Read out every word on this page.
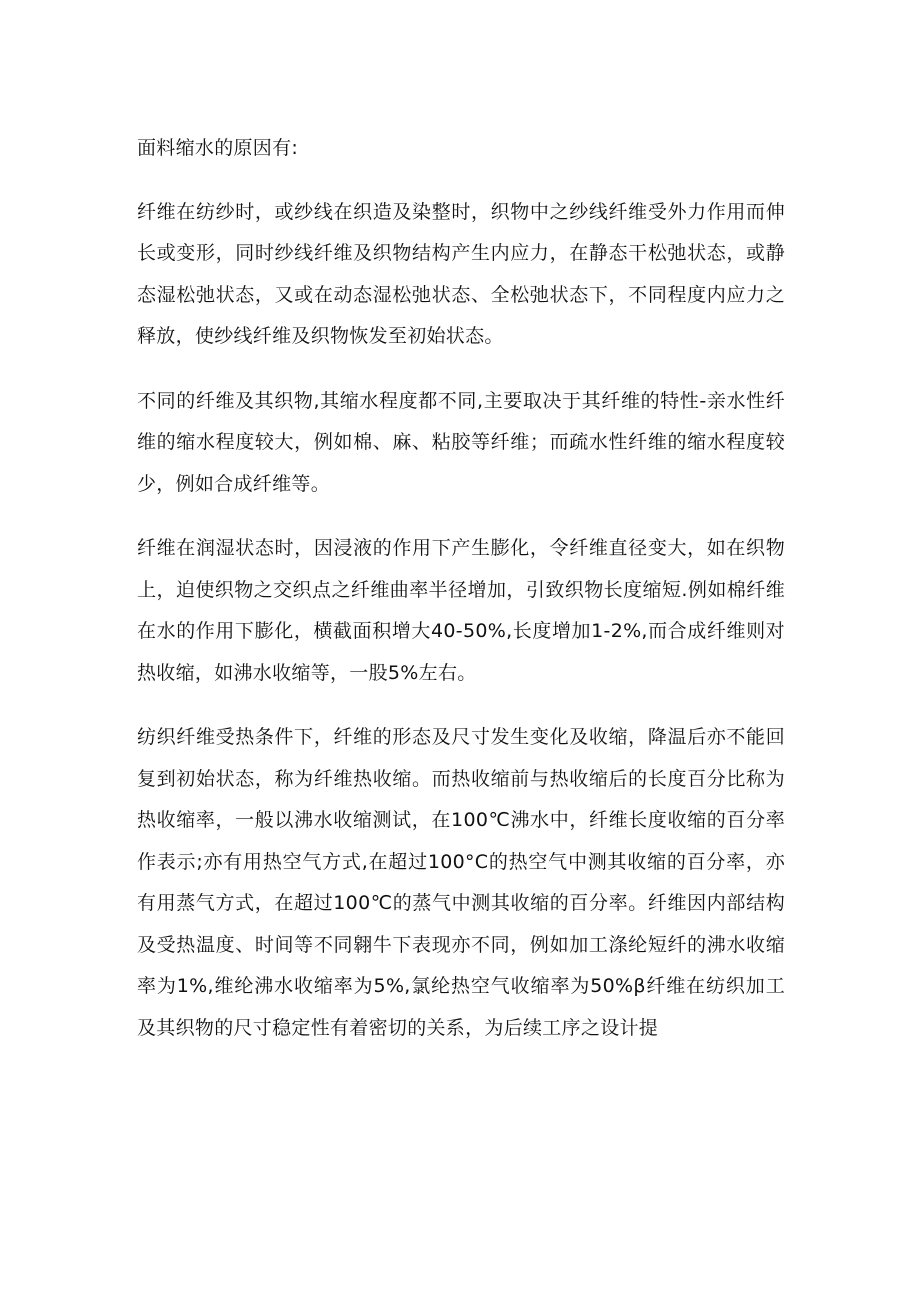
面料缩水的原因有:

纤维在纺纱时，或纱线在织造及染整时，织物中之纱线纤维受外力作用而伸长或变形，同时纱线纤维及织物结构产生内应力，在静态干松弛状态，或静态湿松弛状态，又或在动态湿松弛状态、全松弛状态下，不同程度内应力之释放，使纱线纤维及织物恢发至初始状态。

不同的纤维及其织物,其缩水程度都不同,主要取决于其纤维的特性-亲水性纤维的缩水程度较大，例如棉、麻、粘胶等纤维；而疏水性纤维的缩水程度较少，例如合成纤维等。

纤维在润湿状态时，因浸液的作用下产生膨化，令纤维直径变大，如在织物上，迫使织物之交织点之纤维曲率半径增加，引致织物长度缩短.例如棉纤维在水的作用下膨化，横截面积增大40-50%,长度增加1-2%,而合成纤维则对热收缩，如沸水收缩等，一股5%左右。

纺织纤维受热条件下，纤维的形态及尺寸发生变化及收缩，降温后亦不能回复到初始状态，称为纤维热收缩。而热收缩前与热收缩后的长度百分比称为热收缩率，一般以沸水收缩测试，在100℃沸水中，纤维长度收缩的百分率作表示;亦有用热空气方式,在超过100°C的热空气中测其收缩的百分率，亦有用蒸气方式，在超过100℃的蒸气中测其收缩的百分率。纤维因内部结构及受热温度、时间等不同翱牛下表现亦不同，例如加工涤纶短纤的沸水收缩率为1%,维纶沸水收缩率为5%,氯纶热空气收缩率为50%β纤维在纺织加工及其织物的尺寸稳定性有着密切的关系，为后续工序之设计提
